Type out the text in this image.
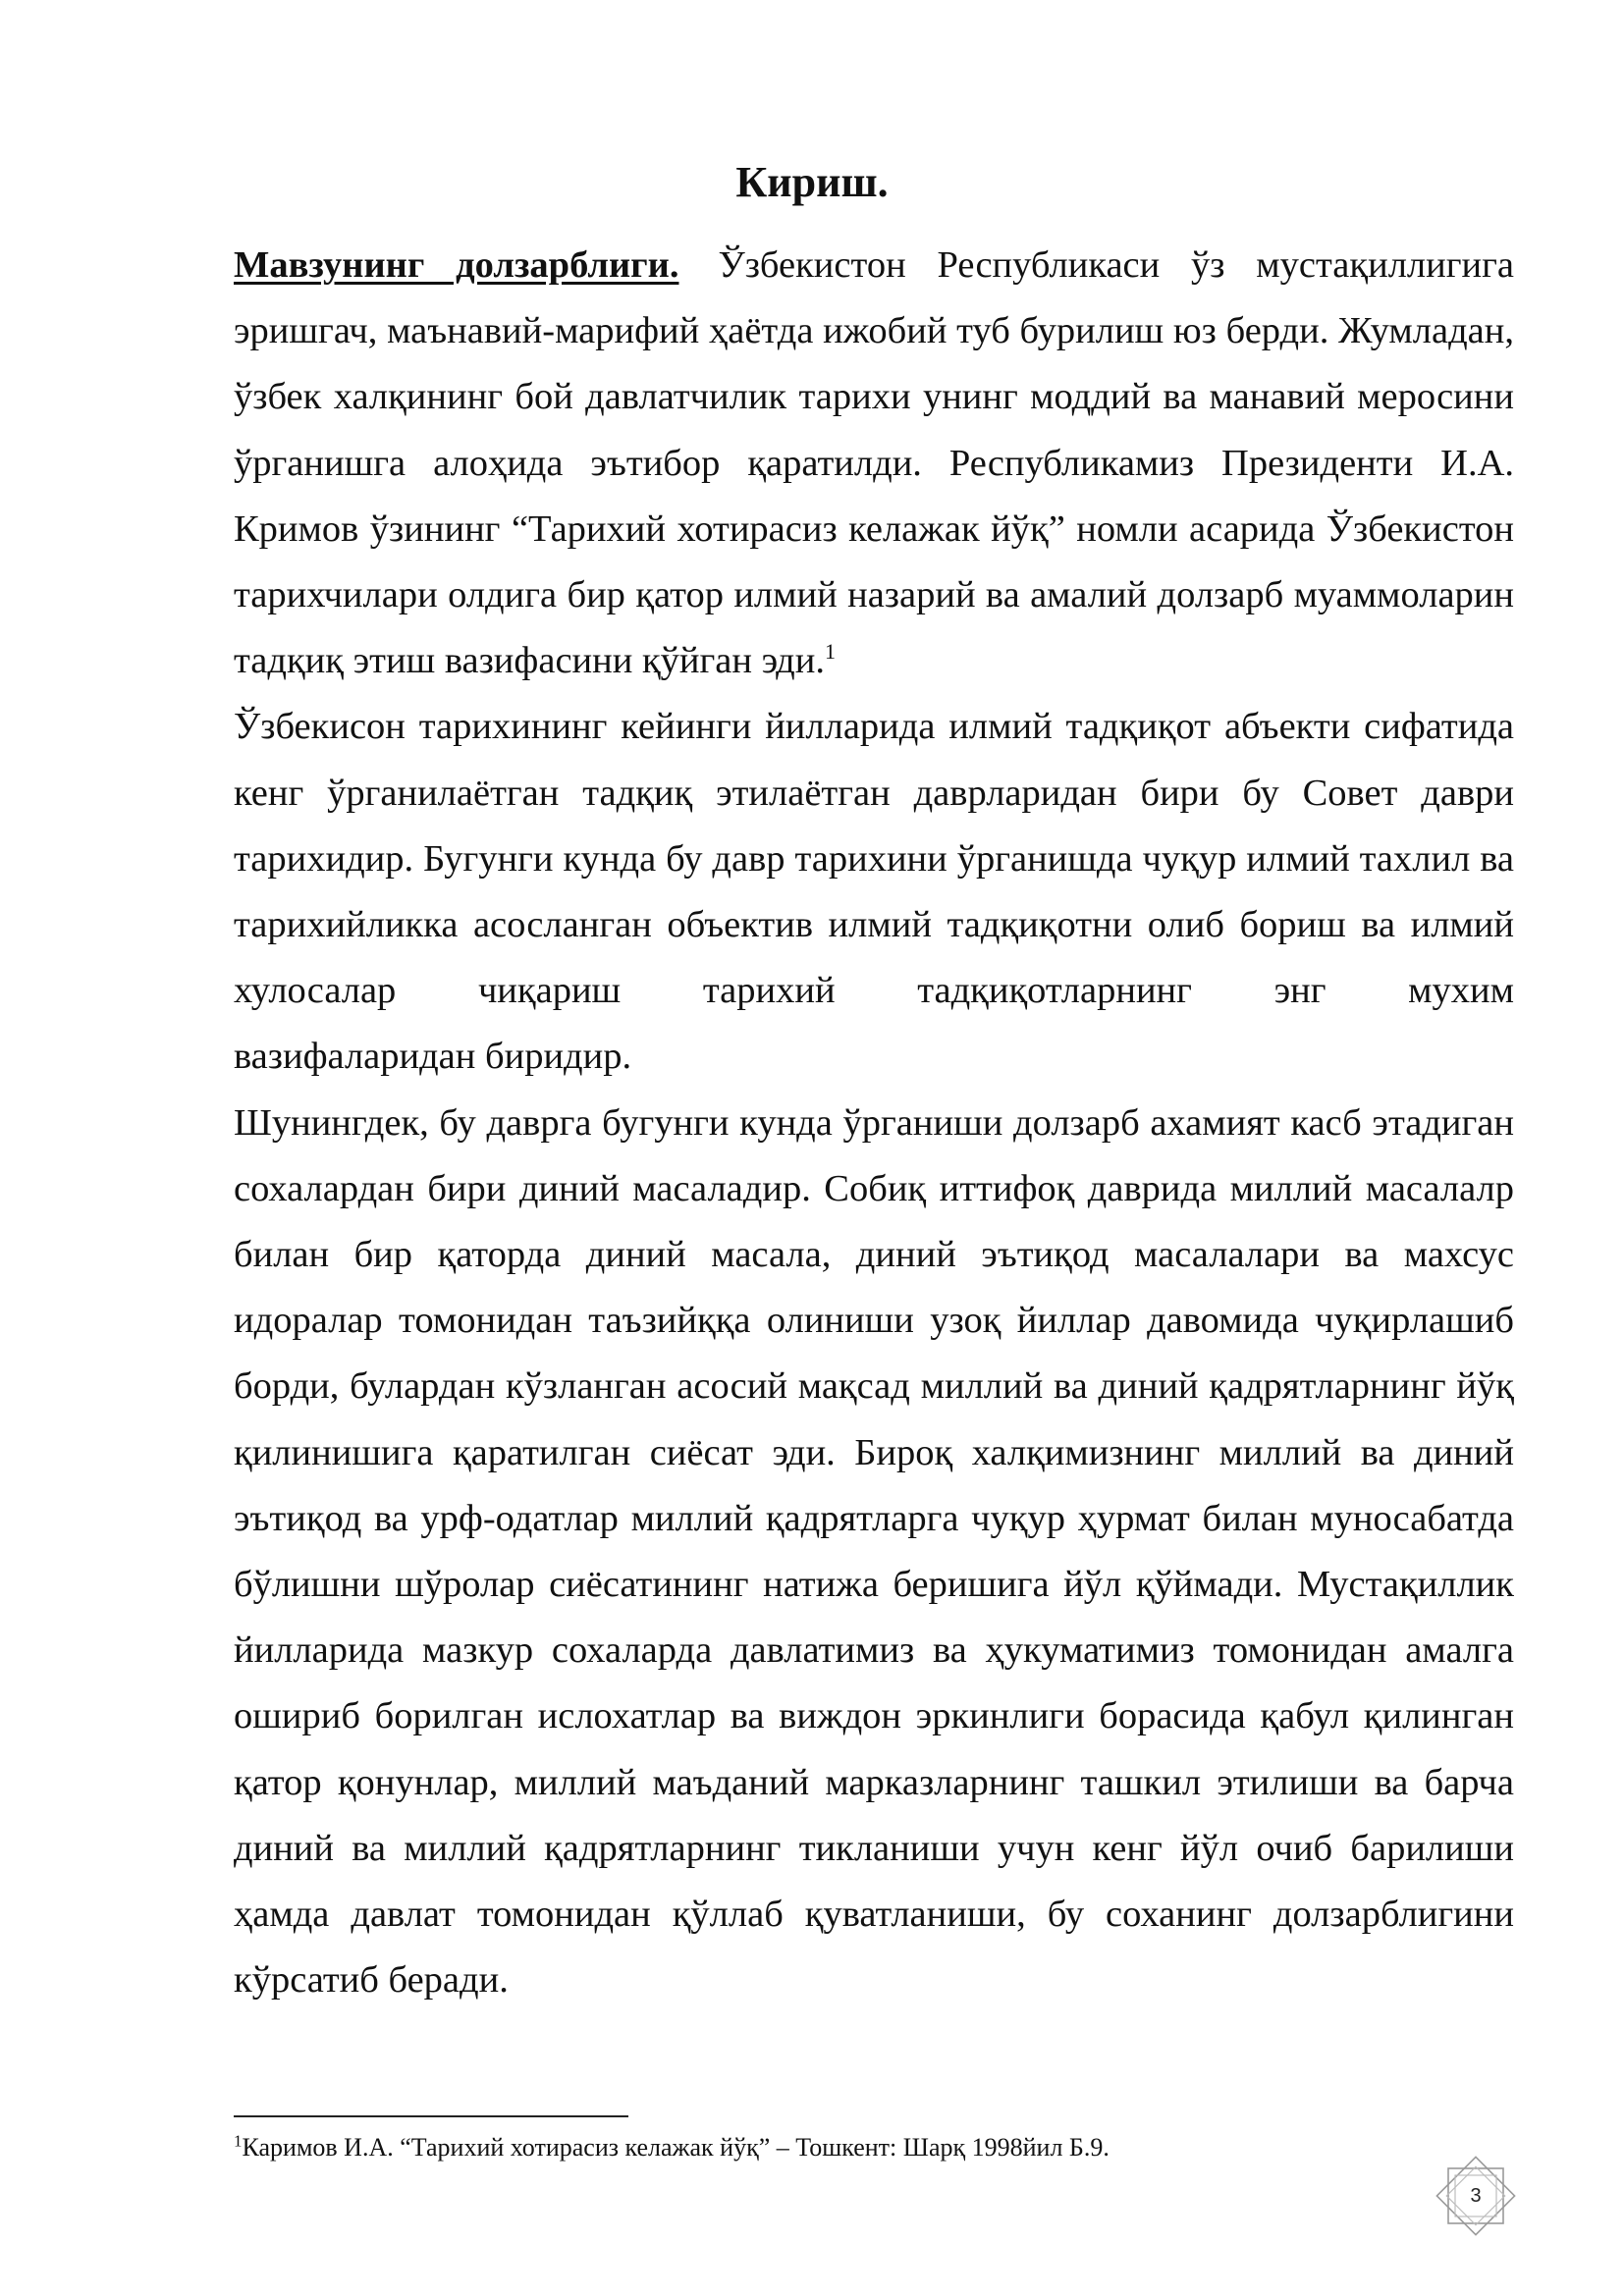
Кириш.

Мавзунинг долзарблиги. Ўзбекистон Республикаси ўз мустақиллигига эришгач, маънавий-марифий ҳаётда ижобий туб бурилиш юз берди. Жумладан, ўзбек халқининг бой давлатчилик тарихи унинг моддий ва манавий меросини ўрганишга алоҳида эътибор қаратилди. Республикамиз Президенти И.А. Кримов ўзининг “Тарихий хотирасиз келажак йўқ” номли асарида Ўзбекистон тарихчилари олдига бир қатор илмий назарий ва амалий долзарб муаммоларин тадқиқ этиш вазифасини қўйган эди.$^1$

Ўзбекисон тарихининг кейинги йилларида илмий тадқиқот абъекти сифатида кенг ўрганилаётган тадқиқ этилаётган даврларидан бири бу Совет даври тарихидир. Бугунги кунда бу давр тарихини ўрганишда чуқур илмий тахлил ва тарихийликка асосланган объектив илмий тадқиқотни олиб бориш ва илмий хулосалар чиқариш тарихий тадқиқотларнинг энг мухим

вазифаларидан биридир.

Шунингдек, бу даврга бугунги кунда ўрганиши долзарб ахамият касб этадиган сохалардан бири диний масаладир. Собиқ иттифоқ даврида миллий масалалр билан бир қаторда диний масала, диний эътиқод масалалари ва махсус идоралар томонидан таъзийққа олиниши узоқ йиллар давомида чуқирлашиб борди, булардан кўзланган асосий мақсад миллий ва диний қадрятларнинг йўқ қилинишига қаратилган сиёсат эди. Бироқ халқимизнинг миллий ва диний эътиқод ва урф-одатлар миллий қадрятларга чуқур ҳурмат билан муносабатда бўлишни шўролар сиёсатининг натижа беришига йўл қўймади. Мустақиллик йилларида мазкур сохаларда давлатимиз ва ҳукуматимиз томонидан амалга ошириб борилган ислохатлар ва виждон эркинлиги борасида қабул қилинган қатор қонунлар, миллий маъданий марказларнинг ташкил этилиши ва барча диний ва миллий қадрятларнинг тикланиши учун кенг йўл очиб барилиши ҳамда давлат томонидан қўллаб қуватланиши, бу соханинг долзарблигини кўрсатиб беради.

$^1$Каримов И.А. “Тарихий хотирасиз келажак йўқ” – Тошкент: Шарқ 1998йил Б.9.
3
